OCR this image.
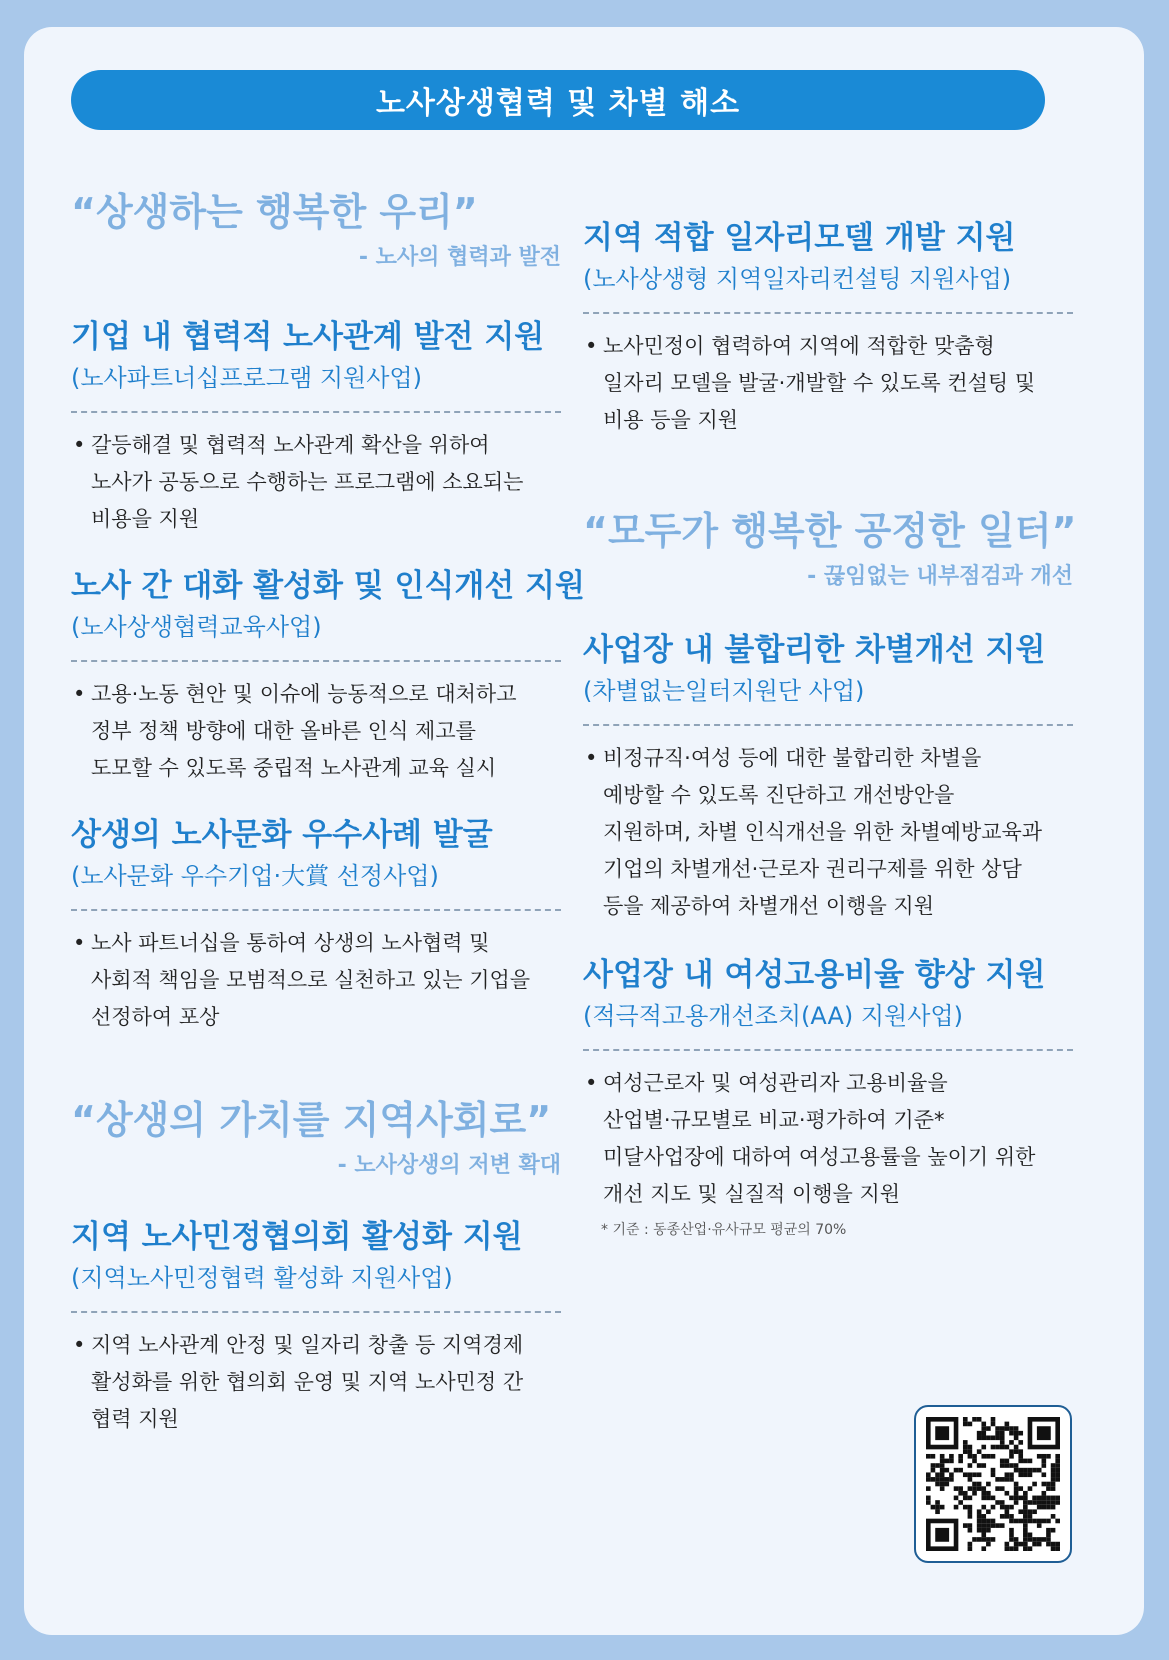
노사상생협력 및 차별 해소

“상생하는 행복한 우리”

- 노사의 협력과 발전

기업 내 협력적 노사관계 발전 지원

(노사파트너십프로그램 지원사업)

• 갈등해결 및 협력적 노사관계 확산을 위하여
노사가 공동으로 수행하는 프로그램에 소요되는
비용을 지원

노사 간 대화 활성화 및 인식개선 지원

(노사상생협력교육사업)

• 고용·노동 현안 및 이슈에 능동적으로 대처하고
정부 정책 방향에 대한 올바른 인식 제고를
도모할 수 있도록 중립적 노사관계 교육 실시

상생의 노사문화 우수사례 발굴

(노사문화 우수기업·大賞 선정사업)

• 노사 파트너십을 통하여 상생의 노사협력 및
사회적 책임을 모범적으로 실천하고 있는 기업을
선정하여 포상

“상생의 가치를 지역사회로”

- 노사상생의 저변 확대

지역 노사민정협의회 활성화 지원

(지역노사민정협력 활성화 지원사업)

• 지역 노사관계 안정 및 일자리 창출 등 지역경제
활성화를 위한 협의회 운영 및 지역 노사민정 간
협력 지원

지역 적합 일자리모델 개발 지원

(노사상생형 지역일자리컨설팅 지원사업)

• 노사민정이 협력하여 지역에 적합한 맞춤형
일자리 모델을 발굴·개발할 수 있도록 컨설팅 및
비용 등을 지원

“모두가 행복한 공정한 일터”

- 끊임없는 내부점검과 개선

사업장 내 불합리한 차별개선 지원

(차별없는일터지원단 사업)

• 비정규직·여성 등에 대한 불합리한 차별을
예방할 수 있도록 진단하고 개선방안을
지원하며, 차별 인식개선을 위한 차별예방교육과
기업의 차별개선·근로자 권리구제를 위한 상담
등을 제공하여 차별개선 이행을 지원

사업장 내 여성고용비율 향상 지원

(적극적고용개선조치(AA) 지원사업)

• 여성근로자 및 여성관리자 고용비율을
산업별·규모별로 비교·평가하여 기준*
미달사업장에 대하여 여성고용률을 높이기 위한
개선 지도 및 실질적 이행을 지원
* 기준 : 동종산업·유사규모 평균의 70%
